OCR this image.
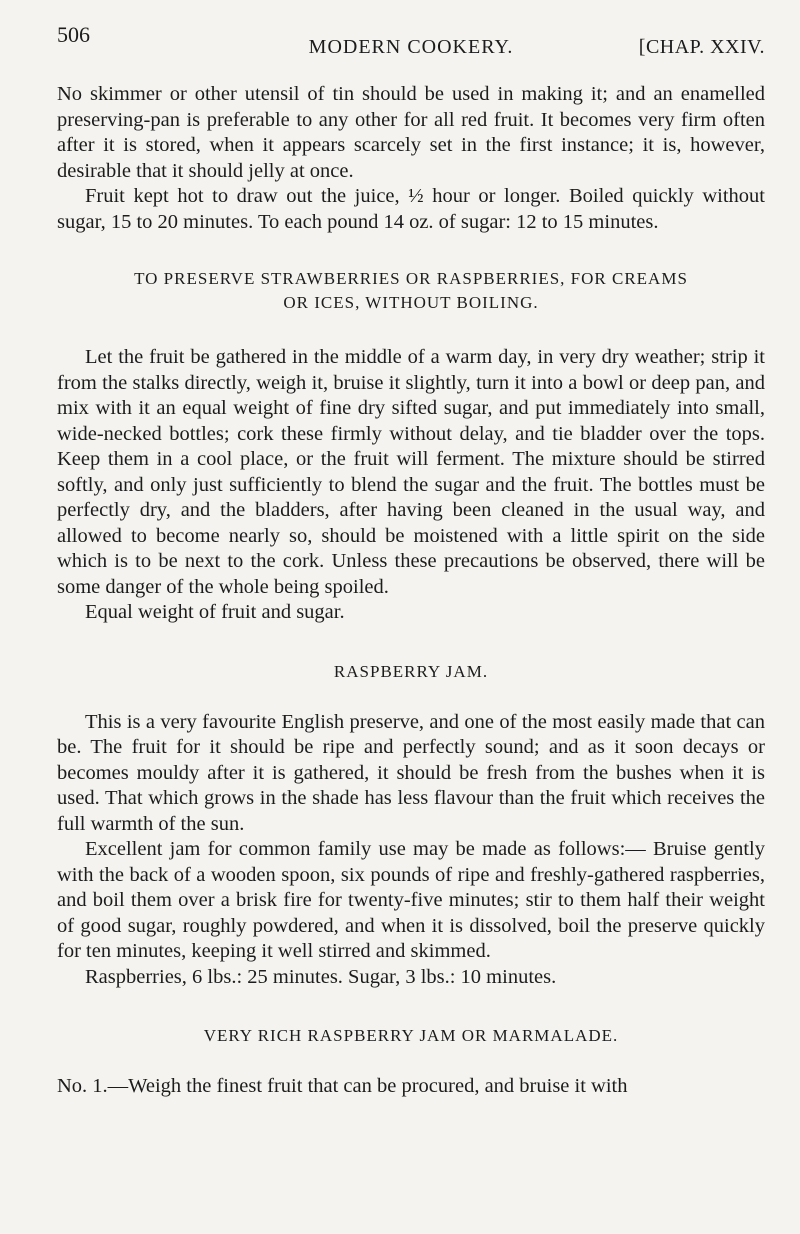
506	MODERN COOKERY.	[CHAP. XXIV.

No skimmer or other utensil of tin should be used in making it; and an enamelled preserving-pan is preferable to any other for all red fruit. It becomes very firm often after it is stored, when it appears scarcely set in the first instance; it is, however, desirable that it should jelly at once.

Fruit kept hot to draw out the juice, ½ hour or longer. Boiled quickly without sugar, 15 to 20 minutes. To each pound 14 oz. of sugar: 12 to 15 minutes.

TO PRESERVE STRAWBERRIES OR RASPBERRIES, FOR CREAMS
OR ICES, WITHOUT BOILING.

Let the fruit be gathered in the middle of a warm day, in very dry weather; strip it from the stalks directly, weigh it, bruise it slightly, turn it into a bowl or deep pan, and mix with it an equal weight of fine dry sifted sugar, and put immediately into small, wide-necked bottles; cork these firmly without delay, and tie bladder over the tops. Keep them in a cool place, or the fruit will ferment. The mixture should be stirred softly, and only just sufficiently to blend the sugar and the fruit. The bottles must be perfectly dry, and the bladders, after having been cleaned in the usual way, and allowed to become nearly so, should be moistened with a little spirit on the side which is to be next to the cork. Unless these precautions be observed, there will be some danger of the whole being spoiled.

Equal weight of fruit and sugar.

RASPBERRY JAM.

This is a very favourite English preserve, and one of the most easily made that can be. The fruit for it should be ripe and perfectly sound; and as it soon decays or becomes mouldy after it is gathered, it should be fresh from the bushes when it is used. That which grows in the shade has less flavour than the fruit which receives the full warmth of the sun.

Excellent jam for common family use may be made as follows:— Bruise gently with the back of a wooden spoon, six pounds of ripe and freshly-gathered raspberries, and boil them over a brisk fire for twenty-five minutes; stir to them half their weight of good sugar, roughly powdered, and when it is dissolved, boil the preserve quickly for ten minutes, keeping it well stirred and skimmed.

Raspberries, 6 lbs.: 25 minutes. Sugar, 3 lbs.: 10 minutes.

VERY RICH RASPBERRY JAM OR MARMALADE.

No. 1.—Weigh the finest fruit that can be procured, and bruise it with
